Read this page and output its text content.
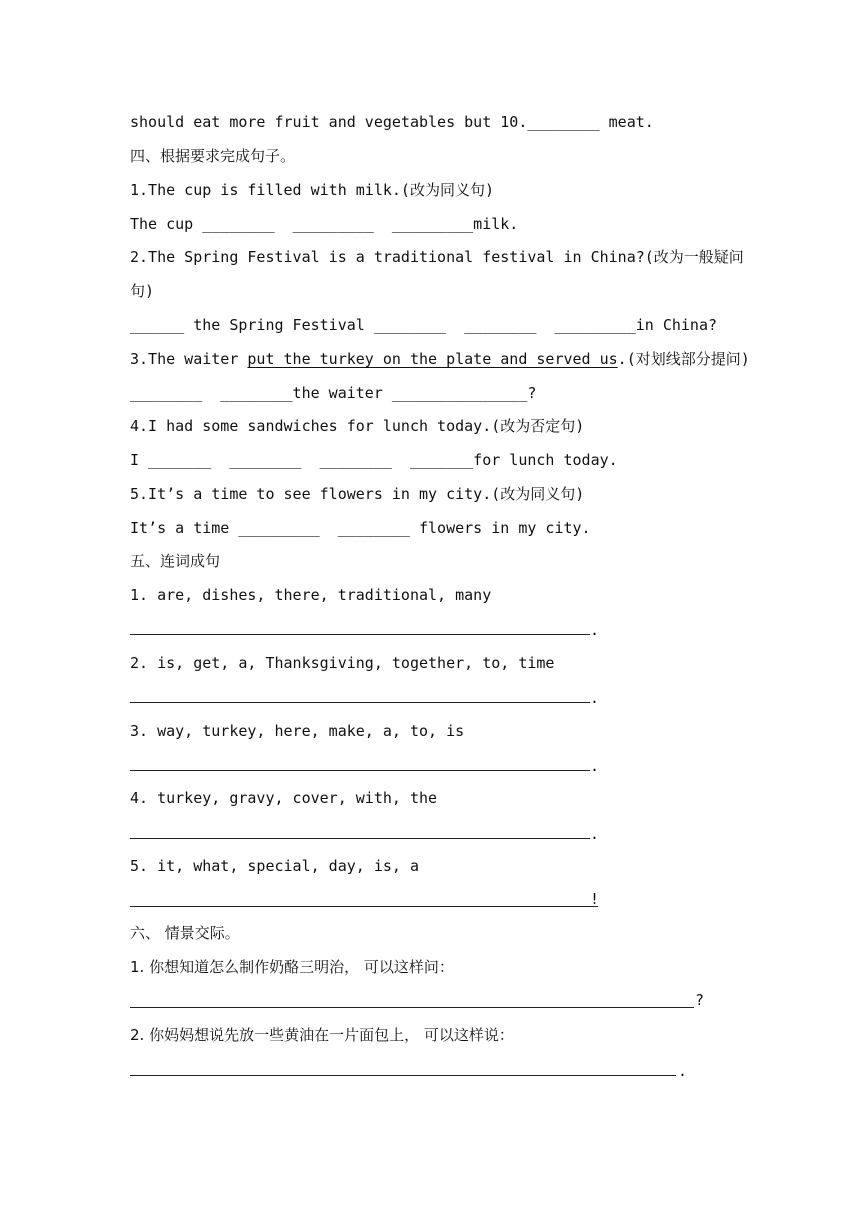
should eat more fruit and vegetables but 10.________ meat.
四、根据要求完成句子。
1.The cup is filled with milk.(改为同义句)
The cup ________  _________  _________milk.
2.The Spring Festival is a traditional festival in China?(改为一般疑问
句)
______ the Spring Festival ________  ________  _________in China?
3.The waiter put the turkey on the plate and served us.(对划线部分提问)
________  ________the waiter _______________?
4.I had some sandwiches for lunch today.(改为否定句)
I _______  ________  ________  _______for lunch today.
5.It’s a time to see flowers in my city.(改为同义句)
It’s a time _________  ________ flowers in my city.
五、连词成句
1. are, dishes, there, traditional, many
.
2. is, get, a, Thanksgiving, together, to, time
.
3. way, turkey, here, make, a, to, is
.
4. turkey, gravy, cover, with, the
.
5. it, what, special, day, is, a
!
六、 情景交际。
1. 你想知道怎么制作奶酪三明治， 可以这样问：
?
2. 你妈妈想说先放一些黄油在一片面包上， 可以这样说：
.
